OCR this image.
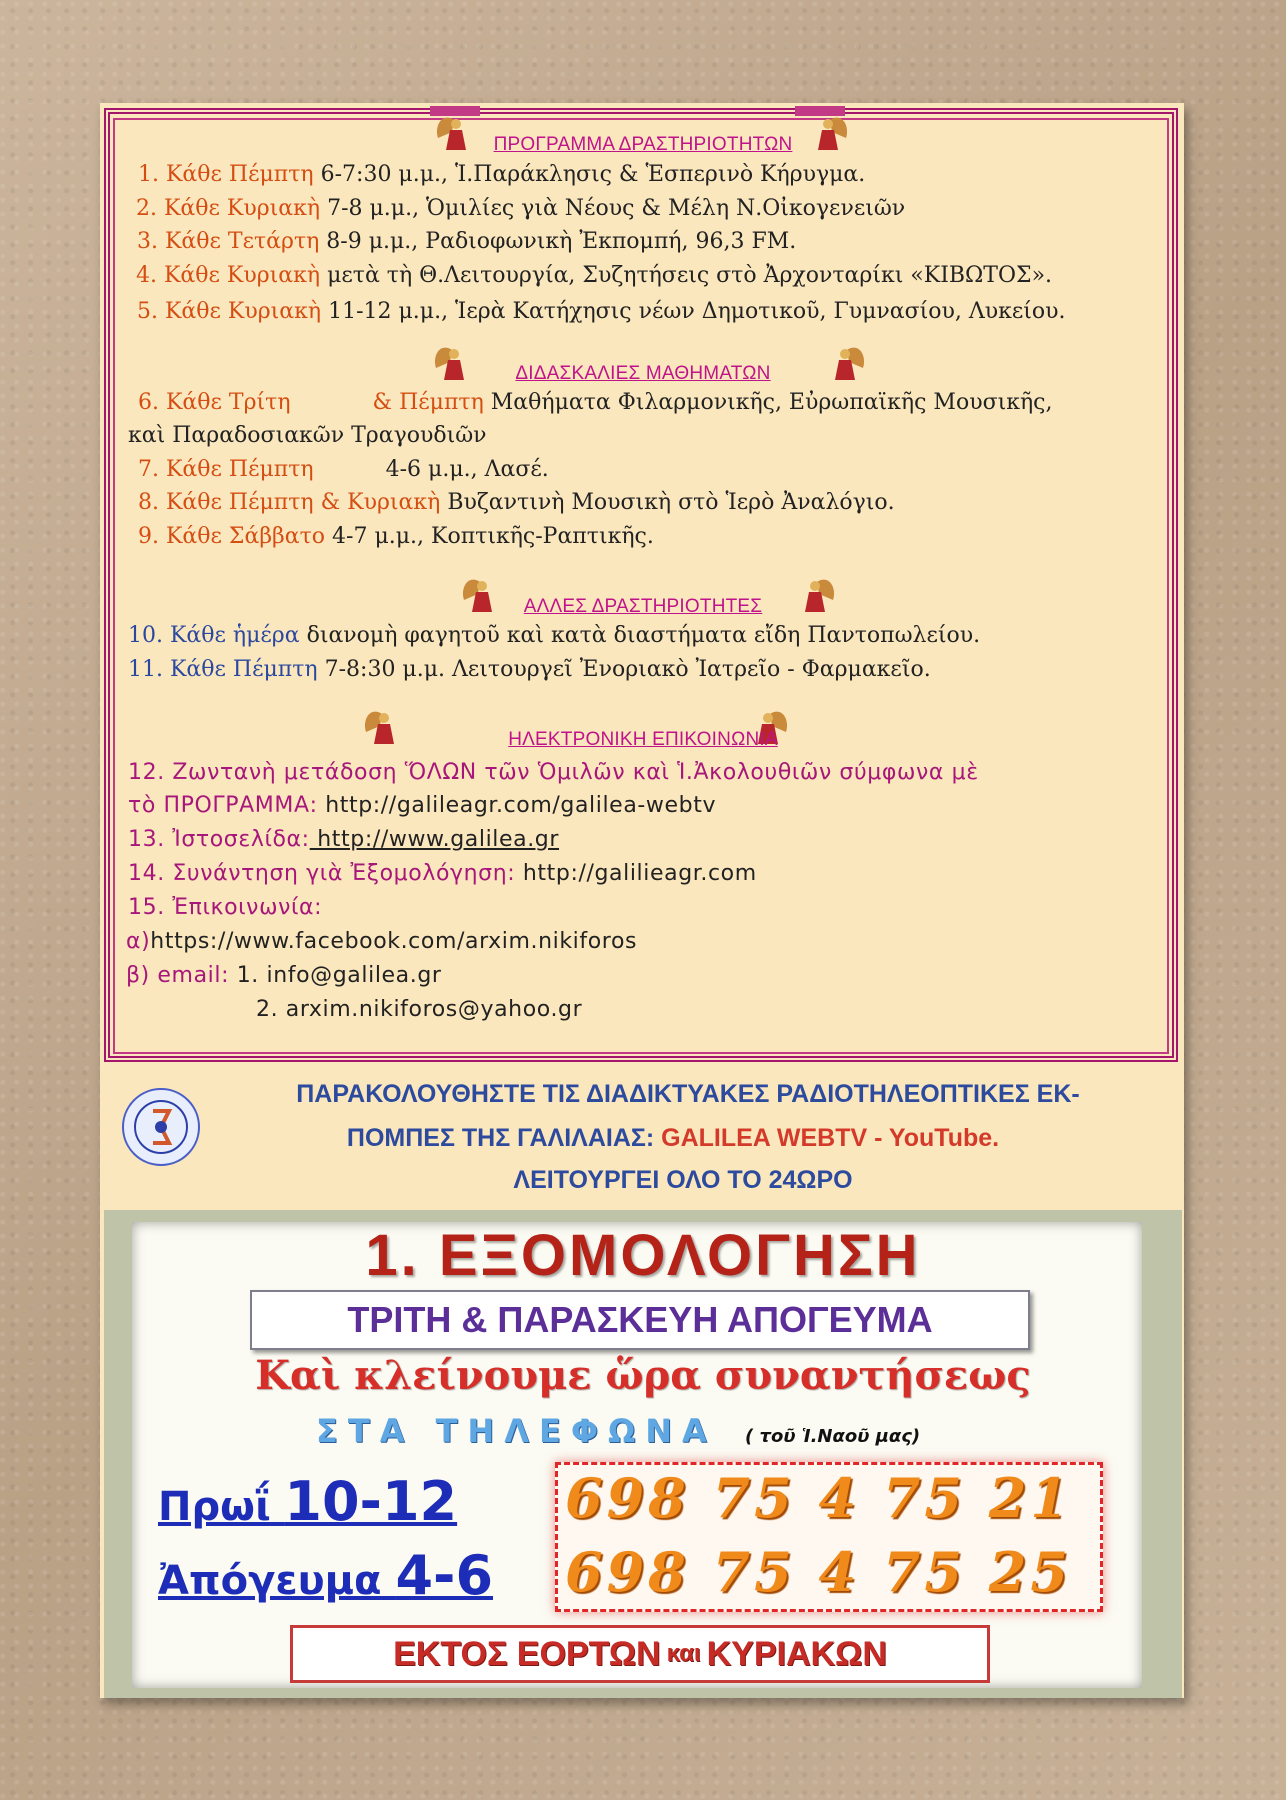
ΠΡΟΓΡΑΜΜΑ ΔΡΑΣΤΗΡΙΟΤΗΤΩΝ
1. Κάθε Πέμπτη 6-7:30 μ.μ., Ἱ.Παράκλησις & Ἑσπερινὸ Κήρυγμα.
2. Κάθε Κυριακὴ 7-8 μ.μ., Ὁμιλίες γιὰ Νέους & Μέλη Ν.Οἰκογενειῶν
3. Κάθε Τετάρτη 8-9 μ.μ., Ραδιοφωνικὴ Ἐκπομπή, 96,3 FM.
4. Κάθε Κυριακὴ μετὰ τὴ Θ.Λειτουργία, Συζητήσεις στὸ Ἀρχονταρίκι «ΚΙΒΩΤΟΣ».
5. Κάθε Κυριακὴ 11-12 μ.μ., Ἱερὰ Κατήχησις νέων Δημοτικοῦ, Γυμνασίου, Λυκείου.
ΔΙΔΑΣΚΑΛΙΕΣ ΜΑΘΗΜΑΤΩΝ
6. Κάθε Τρίτη	& Πέμπτη Μαθήματα Φιλαρμονικῆς, Εὐρωπαϊκῆς Μουσικῆς,
καὶ Παραδοσιακῶν Τραγουδιῶν
7. Κάθε Πέμπτη	4-6 μ.μ., Λασέ.
8. Κάθε Πέμπτη & Κυριακὴ Βυζαντινὴ Μουσικὴ στὸ Ἱερὸ Ἀναλόγιο.
9. Κάθε Σάββατο 4-7 μ.μ., Κοπτικῆς-Ραπτικῆς.
ΑΛΛΕΣ ΔΡΑΣΤΗΡΙΟΤΗΤΕΣ
10. Κάθε ἡμέρα διανομὴ φαγητοῦ καὶ κατὰ διαστήματα εἴδη Παντοπωλείου.
11. Κάθε Πέμπτη 7-8:30 μ.μ. Λειτουργεῖ Ἐνοριακὸ Ἰατρεῖο - Φαρμακεῖο.
ΗΛΕΚΤΡΟΝΙΚΗ ΕΠΙΚΟΙΝΩΝΙΑ
12. Ζωντανὴ μετάδοση ὍΛΩΝ τῶν Ὁμιλῶν καὶ Ἱ.Ἀκολουθιῶν σύμφωνα μὲ
τὸ ΠΡΟΓΡΑΜΜΑ: http://galileagr.com/galilea-webtv
13. Ἰστοσελίδα: http://www.galilea.gr
14. Συνάντηση γιὰ Ἐξομολόγηση: http://galilieagr.com
15. Ἐπικοινωνία:
α)https://www.facebook.com/arxim.nikiforos
β) email: 1. info@galilea.gr
2. arxim.nikiforos@yahoo.gr
ΠΑΡΑΚΟΛΟΥΘΗΣΤΕ ΤΙΣ ΔΙΑΔΙΚΤΥΑΚΕΣ ΡΑΔΙΟΤΗΛΕΟΠΤΙΚΕΣ ΕΚ-
ΠΟΜΠΕΣ ΤΗΣ ΓΑΛΙΛΑΙΑΣ: GALILEA WEBTV - YouTube.
ΛΕΙΤΟΥΡΓΕΙ ΟΛΟ ΤΟ 24ΩΡΟ
1. ΕΞΟΜΟΛΟΓΗΣΗ
ΤΡΙΤΗ & ΠΑΡΑΣΚΕΥΗ ΑΠΟΓΕΥΜΑ
Καὶ κλείνουμε ὥρα συναντήσεως
ΣΤΑ ΤΗΛΕΦΩΝΑ ( τοῦ Ἱ.Ναοῦ μας)
Πρωΐ 10-12
Ἀπόγευμα 4-6
698 75 4 75 21
698 75 4 75 25
ΕΚΤΟΣ ΕΟΡΤΩΝ και ΚΥΡΙΑΚΩΝ
